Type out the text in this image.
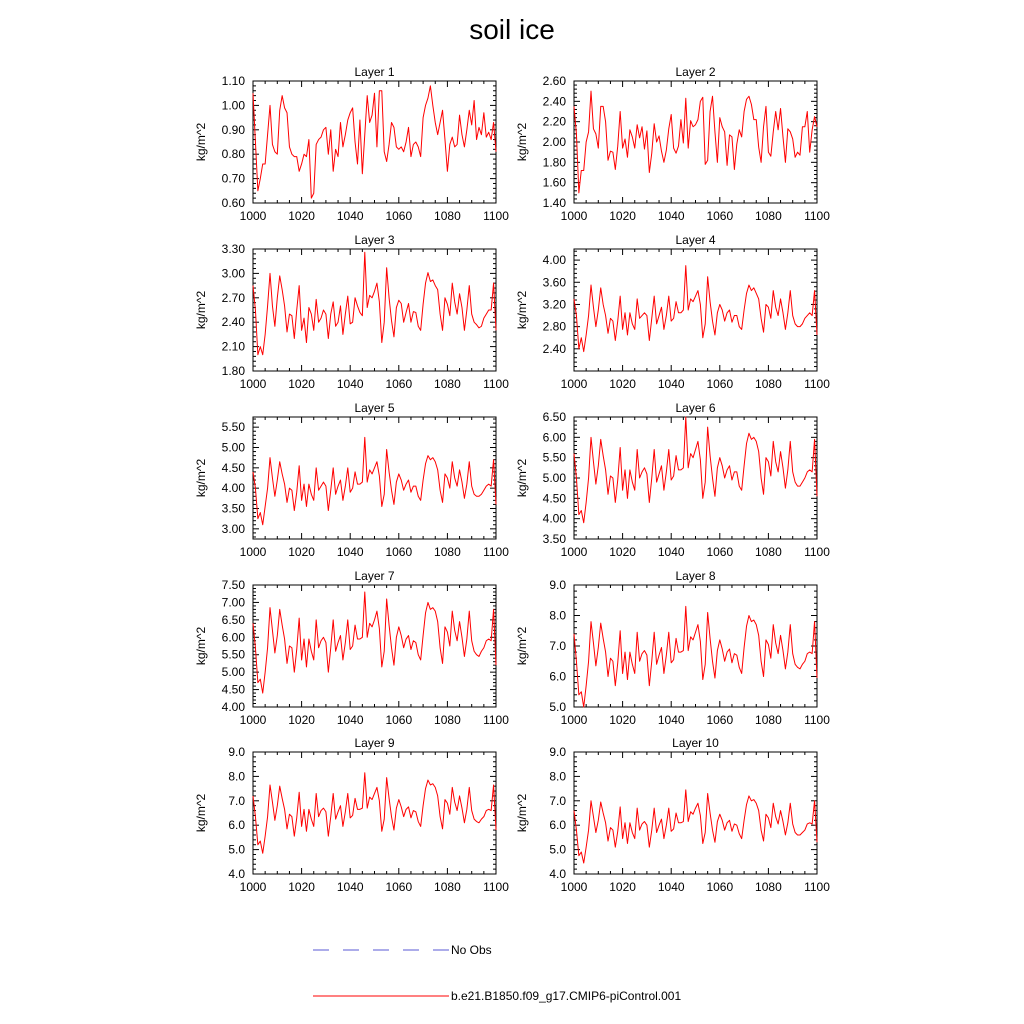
soil ice
Layer 1
kg/m^2
1000 1020 1040 1060 1080 1100
0.60
0.70
0.80
0.90
1.00
1.10
Layer 2
kg/m^2
1000 1020 1040 1060 1080 1100
1.40
1.60
1.80
2.00
2.20
2.40
2.60
Layer 3
kg/m^2
1000 1020 1040 1060 1080 1100
1.80
2.10
2.40
2.70
3.00
3.30
Layer 4
kg/m^2
1000 1020 1040 1060 1080 1100
2.40
2.80
3.20
3.60
4.00
Layer 5
kg/m^2
1000 1020 1040 1060 1080 1100
3.00
3.50
4.00
4.50
5.00
5.50
Layer 6
kg/m^2
1000 1020 1040 1060 1080 1100
3.50
4.00
4.50
5.00
5.50
6.00
6.50
Layer 7
kg/m^2
1000 1020 1040 1060 1080 1100
4.00
4.50
5.00
5.50
6.00
6.50
7.00
7.50
Layer 8
kg/m^2
1000 1020 1040 1060 1080 1100
5.0
6.0
7.0
8.0
9.0
Layer 9
kg/m^2
1000 1020 1040 1060 1080 1100
4.0
5.0
6.0
7.0
8.0
9.0
Layer 10
kg/m^2
1000 1020 1040 1060 1080 1100
4.0
5.0
6.0
7.0
8.0
9.0
No Obs
b.e21.B1850.f09_g17.CMIP6-piControl.001
